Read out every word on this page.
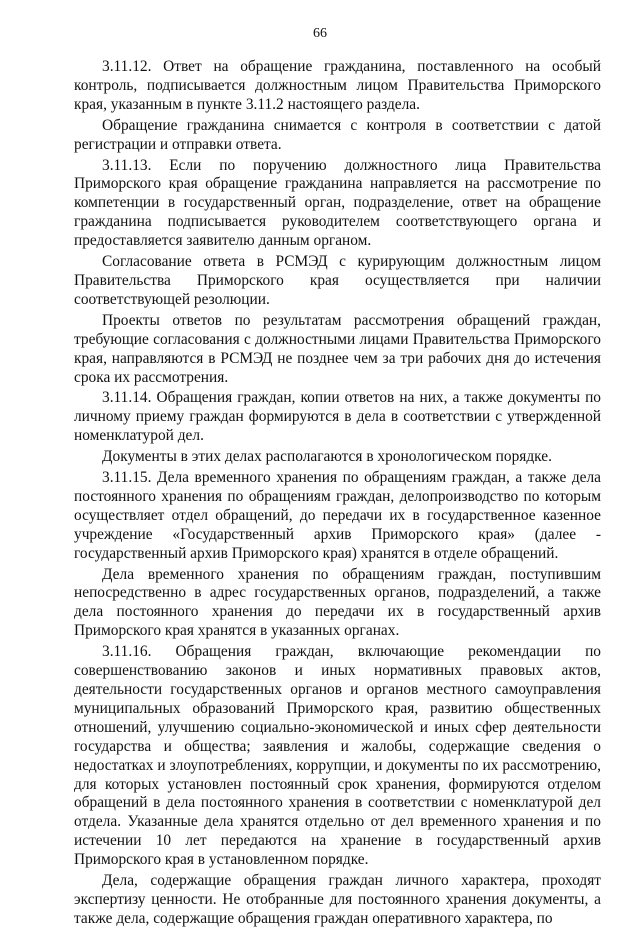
66

3.11.12. Ответ на обращение гражданина, поставленного на особый контроль, подписывается должностным лицом Правительства Приморского края, указанным в пункте 3.11.2 настоящего раздела.

Обращение гражданина снимается с контроля в соответствии с датой регистрации и отправки ответа.

3.11.13. Если по поручению должностного лица Правительства Приморского края обращение гражданина направляется на рассмотрение по компетенции в государственный орган, подразделение, ответ на обращение гражданина подписывается руководителем соответствующего органа и предоставляется заявителю данным органом.

Согласование ответа в РСМЭД с курирующим должностным лицом Правительства Приморского края осуществляется при наличии соответствующей резолюции.

Проекты ответов по результатам рассмотрения обращений граждан, требующие согласования с должностными лицами Правительства Приморского края, направляются в РСМЭД не позднее чем за три рабочих дня до истечения срока их рассмотрения.

3.11.14. Обращения граждан, копии ответов на них, а также документы по личному приему граждан формируются в дела в соответствии с утвержденной номенклатурой дел.

Документы в этих делах располагаются в хронологическом порядке.

3.11.15. Дела временного хранения по обращениям граждан, а также дела постоянного хранения по обращениям граждан, делопроизводство по которым осуществляет отдел обращений, до передачи их в государственное казенное учреждение «Государственный архив Приморского края» (далее - государственный архив Приморского края) хранятся в отделе обращений.

Дела временного хранения по обращениям граждан, поступившим непосредственно в адрес государственных органов, подразделений, а также дела постоянного хранения до передачи их в государственный архив Приморского края хранятся в указанных органах.

3.11.16. Обращения граждан, включающие рекомендации по совершенствованию законов и иных нормативных правовых актов, деятельности государственных органов и органов местного самоуправления муниципальных образований Приморского края, развитию общественных отношений, улучшению социально-экономической и иных сфер деятельности государства и общества; заявления и жалобы, содержащие сведения о недостатках и злоупотреблениях, коррупции, и документы по их рассмотрению, для которых установлен постоянный срок хранения, формируются отделом обращений в дела постоянного хранения в соответствии с номенклатурой дел отдела. Указанные дела хранятся отдельно от дел временного хранения и по истечении 10 лет передаются на хранение в государственный архив Приморского края в установленном порядке.

Дела, содержащие обращения граждан личного характера, проходят экспертизу ценности. Не отобранные для постоянного хранения документы, а также дела, содержащие обращения граждан оперативного характера, по
